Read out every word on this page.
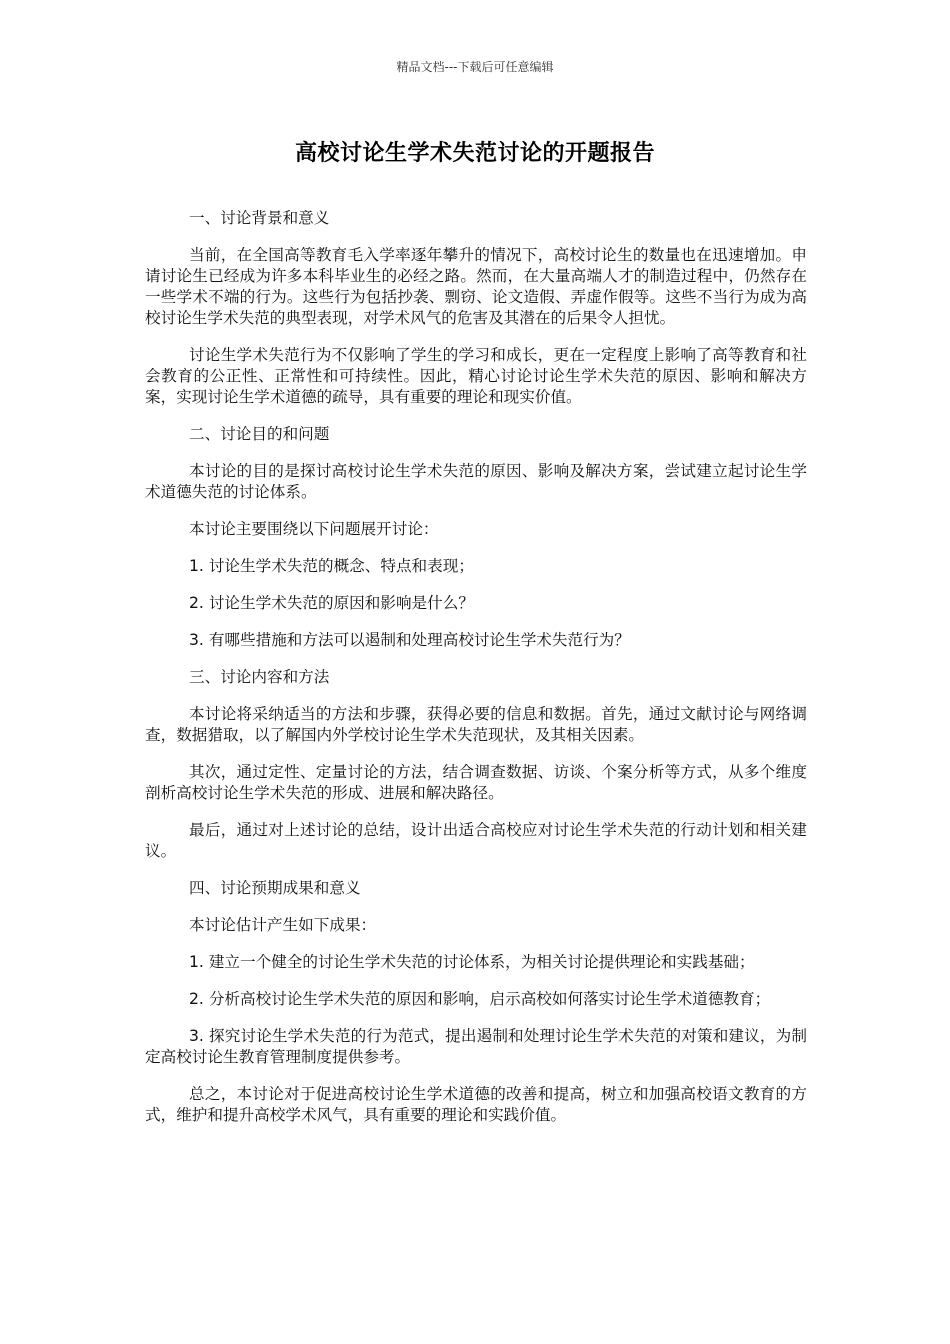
精品文档---下载后可任意编辑
高校讨论生学术失范讨论的开题报告

一、讨论背景和意义

当前，在全国高等教育毛入学率逐年攀升的情况下，高校讨论生的数量也在迅速增加。申请讨论生已经成为许多本科毕业生的必经之路。然而，在大量高端人才的制造过程中，仍然存在一些学术不端的行为。这些行为包括抄袭、剽窃、论文造假、弄虚作假等。这些不当行为成为高校讨论生学术失范的典型表现，对学术风气的危害及其潜在的后果令人担忧。

讨论生学术失范行为不仅影响了学生的学习和成长，更在一定程度上影响了高等教育和社会教育的公正性、正常性和可持续性。因此，精心讨论讨论生学术失范的原因、影响和解决方案，实现讨论生学术道德的疏导，具有重要的理论和现实价值。

二、讨论目的和问题

本讨论的目的是探讨高校讨论生学术失范的原因、影响及解决方案，尝试建立起讨论生学术道德失范的讨论体系。

本讨论主要围绕以下问题展开讨论：

1. 讨论生学术失范的概念、特点和表现；

2. 讨论生学术失范的原因和影响是什么？

3. 有哪些措施和方法可以遏制和处理高校讨论生学术失范行为？

三、讨论内容和方法

本讨论将采纳适当的方法和步骤，获得必要的信息和数据。首先，通过文献讨论与网络调查，数据猎取，以了解国内外学校讨论生学术失范现状，及其相关因素。

其次，通过定性、定量讨论的方法，结合调查数据、访谈、个案分析等方式，从多个维度剖析高校讨论生学术失范的形成、进展和解决路径。

最后，通过对上述讨论的总结，设计出适合高校应对讨论生学术失范的行动计划和相关建议。

四、讨论预期成果和意义

本讨论估计产生如下成果：

1. 建立一个健全的讨论生学术失范的讨论体系，为相关讨论提供理论和实践基础；

2. 分析高校讨论生学术失范的原因和影响，启示高校如何落实讨论生学术道德教育；

3. 探究讨论生学术失范的行为范式，提出遏制和处理讨论生学术失范的对策和建议，为制定高校讨论生教育管理制度提供参考。

总之，本讨论对于促进高校讨论生学术道德的改善和提高，树立和加强高校语文教育的方式，维护和提升高校学术风气，具有重要的理论和实践价值。
